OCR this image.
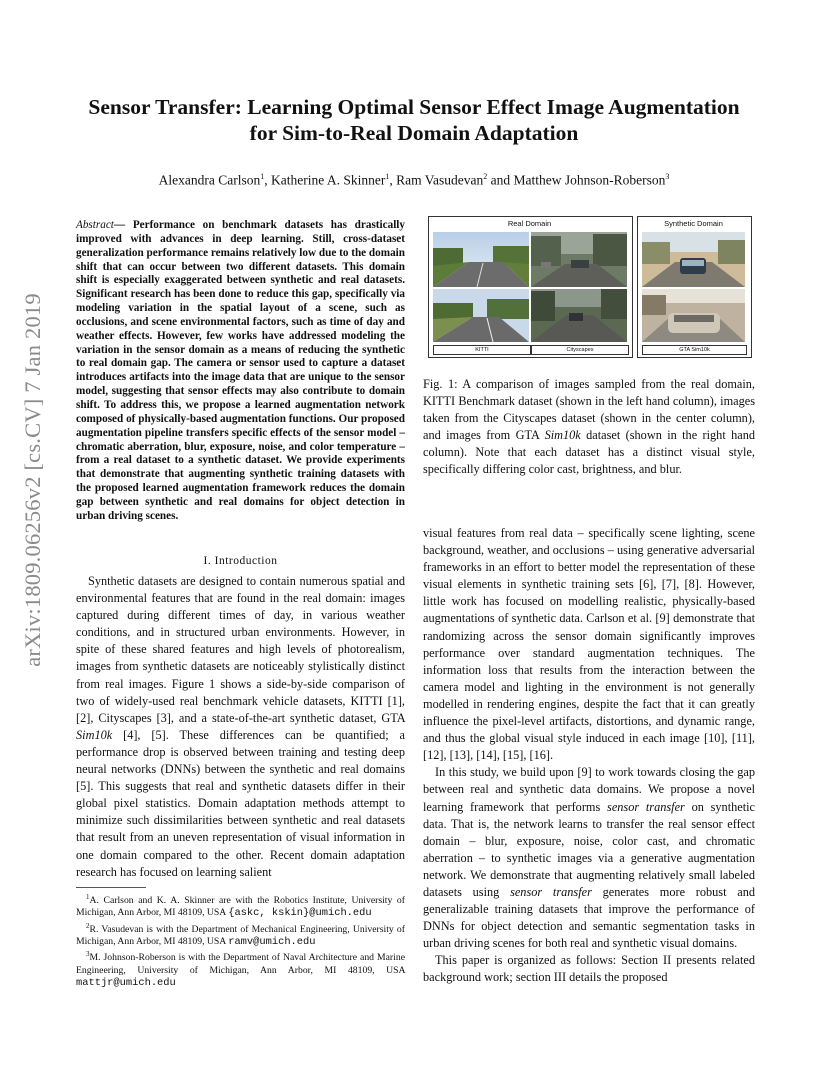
Sensor Transfer: Learning Optimal Sensor Effect Image Augmentation
for Sim-to-Real Domain Adaptation
Alexandra Carlson$^1$, Katherine A. Skinner$^1$, Ram Vasudevan$^2$ and Matthew Johnson-Roberson$^3$
arXiv:1809.06256v2 [cs.CV] 7 Jan 2019
Abstract— Performance on benchmark datasets has drastically improved with advances in deep learning. Still, cross-dataset generalization performance remains relatively low due to the domain shift that can occur between two different datasets. This domain shift is especially exaggerated between synthetic and real datasets. Significant research has been done to reduce this gap, specifically via modeling variation in the spatial layout of a scene, such as occlusions, and scene environmental factors, such as time of day and weather effects. However, few works have addressed modeling the variation in the sensor domain as a means of reducing the synthetic to real domain gap. The camera or sensor used to capture a dataset introduces artifacts into the image data that are unique to the sensor model, suggesting that sensor effects may also contribute to domain shift. To address this, we propose a learned augmentation network composed of physically-based augmentation functions. Our proposed augmentation pipeline transfers specific effects of the sensor model – chromatic aberration, blur, exposure, noise, and color temperature – from a real dataset to a synthetic dataset. We provide experiments that demonstrate that augmenting synthetic training datasets with the proposed learned augmentation framework reduces the domain gap between synthetic and real domains for object detection in urban driving scenes.
I. Introduction
Synthetic datasets are designed to contain numerous spatial and environmental features that are found in the real domain: images captured during different times of day, in various weather conditions, and in structured urban environments. However, in spite of these shared features and high levels of photorealism, images from synthetic datasets are noticeably stylistically distinct from real images. Figure 1 shows a side-by-side comparison of two of widely-used real benchmark vehicle datasets, KITTI [1], [2], Cityscapes [3], and a state-of-the-art synthetic dataset, GTA Sim10k [4], [5]. These differences can be quantified; a performance drop is observed between training and testing deep neural networks (DNNs) between the synthetic and real domains [5]. This suggests that real and synthetic datasets differ in their global pixel statistics. Domain adaptation methods attempt to minimize such dissimilarities between synthetic and real datasets that result from an uneven representation of visual information in one domain compared to the other. Recent domain adaptation research has focused on learning salient

$^1$A. Carlson and K. A. Skinner are with the Robotics Institute, University of Michigan, Ann Arbor, MI 48109, USA {askc, kskin}@umich.edu

$^2$R. Vasudevan is with the Department of Mechanical Engineering, University of Michigan, Ann Arbor, MI 48109, USA ramv@umich.edu

$^3$M. Johnson-Roberson is with the Department of Naval Architecture and Marine Engineering, University of Michigan, Ann Arbor, MI 48109, USA mattjr@umich.edu

Real Domain	Synthetic Domain
KITTI	Cityscapes	GTA Sim10k
Fig. 1: A comparison of images sampled from the real domain, KITTI Benchmark dataset (shown in the left hand column), images taken from the Cityscapes dataset (shown in the center column), and images from GTA Sim10k dataset (shown in the right hand column). Note that each dataset has a distinct visual style, specifically differing color cast, brightness, and blur.

visual features from real data – specifically scene lighting, scene background, weather, and occlusions – using generative adversarial frameworks in an effort to better model the representation of these visual elements in synthetic training sets [6], [7], [8]. However, little work has focused on modelling realistic, physically-based augmentations of synthetic data. Carlson et al. [9] demonstrate that randomizing across the sensor domain significantly improves performance over standard augmentation techniques. The information loss that results from the interaction between the camera model and lighting in the environment is not generally modelled in rendering engines, despite the fact that it can greatly influence the pixel-level artifacts, distortions, and dynamic range, and thus the global visual style induced in each image [10], [11], [12], [13], [14], [15], [16].

In this study, we build upon [9] to work towards closing the gap between real and synthetic data domains. We propose a novel learning framework that performs sensor transfer on synthetic data. That is, the network learns to transfer the real sensor effect domain – blur, exposure, noise, color cast, and chromatic aberration – to synthetic images via a generative augmentation network. We demonstrate that augmenting relatively small labeled datasets using sensor transfer generates more robust and generalizable training datasets that improve the performance of DNNs for object detection and semantic segmentation tasks in urban driving scenes for both real and synthetic visual domains.

This paper is organized as follows: Section II presents related background work; section III details the proposed
